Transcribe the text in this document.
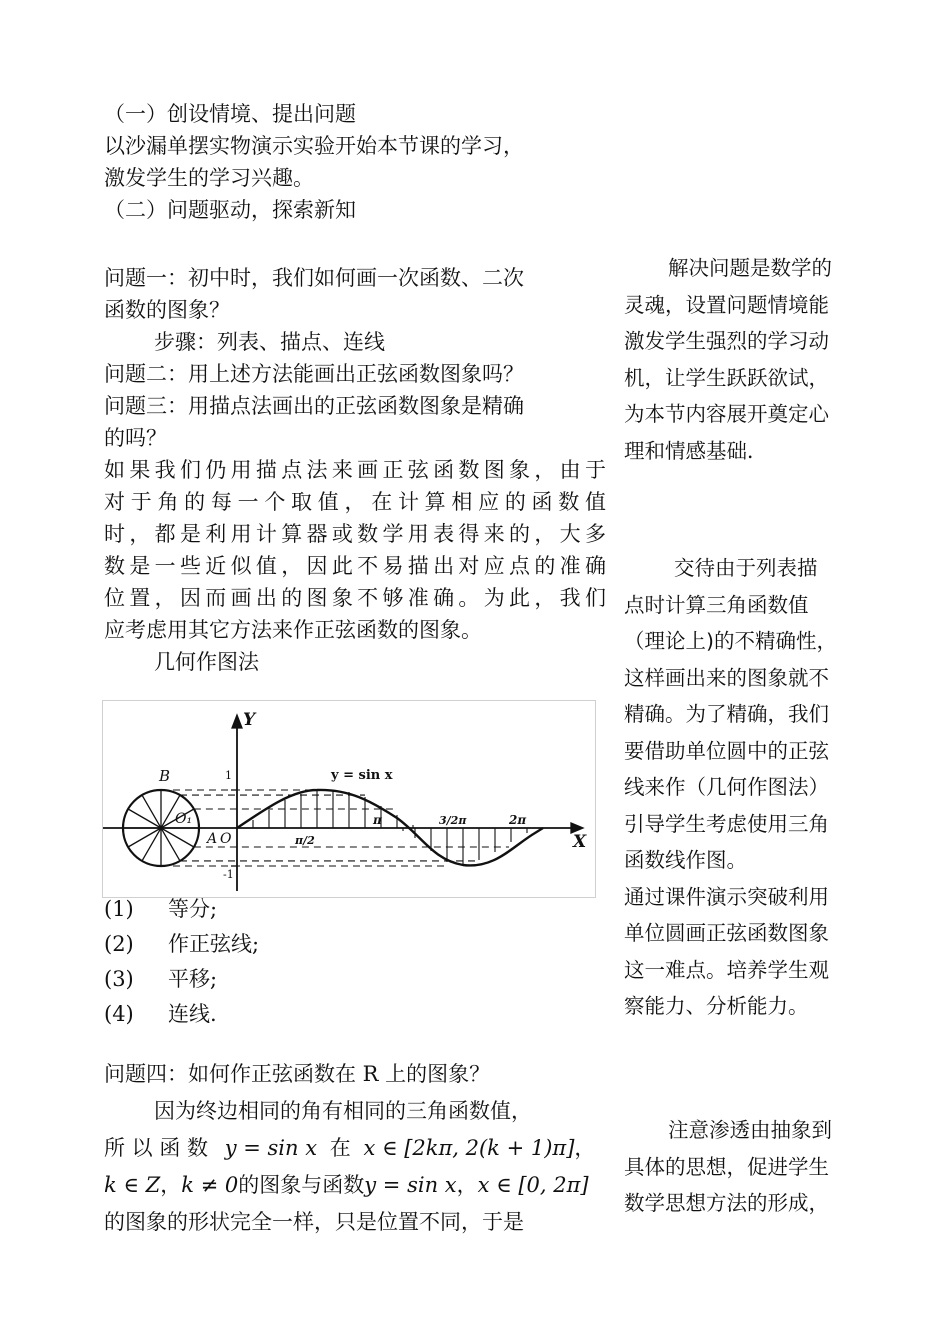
（一）创设情境、提出问题
以沙漏单摆实物演示实验开始本节课的学习，
激发学生的学习兴趣。
（二）问题驱动，探索新知
问题一：初中时，我们如何画一次函数、二次
函数的图象？
步骤：列表、描点、连线
问题二：用上述方法能画出正弦函数图象吗？
问题三：用描点法画出的正弦函数图象是精确
的吗？
如果我们仍用描点法来画正弦函数图象，由于
对于角的每一个取值，在计算相应的函数值
时，都是利用计算器或数学用表得来的，大多
数是一些近似值，因此不易描出对应点的准确
位置，因而画出的图象不够准确。为此，我们
应考虑用其它方法来作正弦函数的图象。
几何作图法
Y
X
y = sin x
B
O₁
A O
1
-1
π/2
π	3/2π	2π
(1) 等分;
(2) 作正弦线;
(3) 平移;
(4) 连线.
问题四：如何作正弦函数在 R 上的图象？
因为终边相同的角有相同的三角函数值，
所 以 函 数 y = sin x 在 x ∈ [2kπ, 2(k + 1)π]，
k ∈ Z，k ≠ 0的图象与函数y = sin x，x ∈ [0, 2π]
的图象的形状完全一样，只是位置不同，于是
解决问题是数学的
灵魂，设置问题情境能
激发学生强烈的学习动
机，让学生跃跃欲试，
为本节内容展开奠定心
理和情感基础．
交待由于列表描
点时计算三角函数值
（理论上)的不精确性，
这样画出来的图象就不
精确。为了精确，我们
要借助单位圆中的正弦
线来作（几何作图法）
引导学生考虑使用三角
函数线作图。
通过课件演示突破利用
单位圆画正弦函数图象
这一难点。培养学生观
察能力、分析能力。
注意渗透由抽象到
具体的思想，促进学生
数学思想方法的形成，
